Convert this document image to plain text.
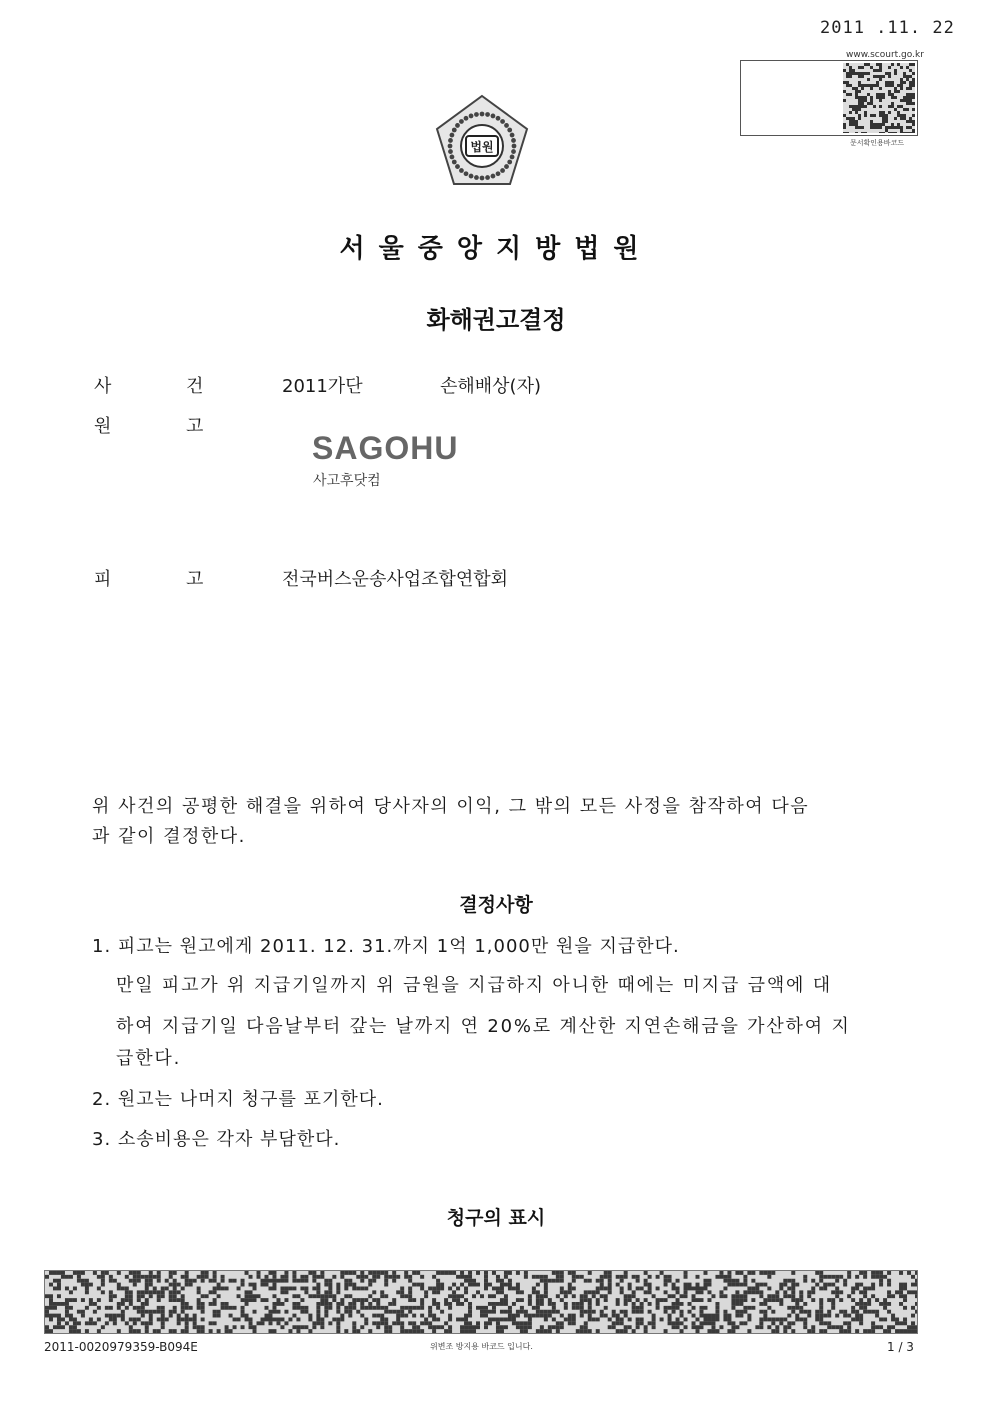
2011 .11. 22
www.scourt.go.kr
문서확인용바코드
법원
서울중앙지방법원
화해권고결정
사	건	2011가단	손해배상(자)
원	고
SAGOHU
사고후닷컴
피	고	전국버스운송사업조합연합회
위 사건의 공평한 해결을 위하여 당사자의 이익, 그 밖의 모든 사정을 참작하여 다음
과 같이 결정한다.
결정사항
1. 피고는 원고에게 2011. 12. 31.까지 1억 1,000만 원을 지급한다.
만일 피고가 위 지급기일까지 위 금원을 지급하지 아니한 때에는 미지급 금액에 대
하여 지급기일 다음날부터 갚는 날까지 연 20%로 계산한 지연손해금을 가산하여 지
급한다.
2. 원고는 나머지 청구를 포기한다.
3. 소송비용은 각자 부담한다.
청구의 표시
2011-0020979359-B094E	위변조 방지용 바코드 입니다.	1 / 3
